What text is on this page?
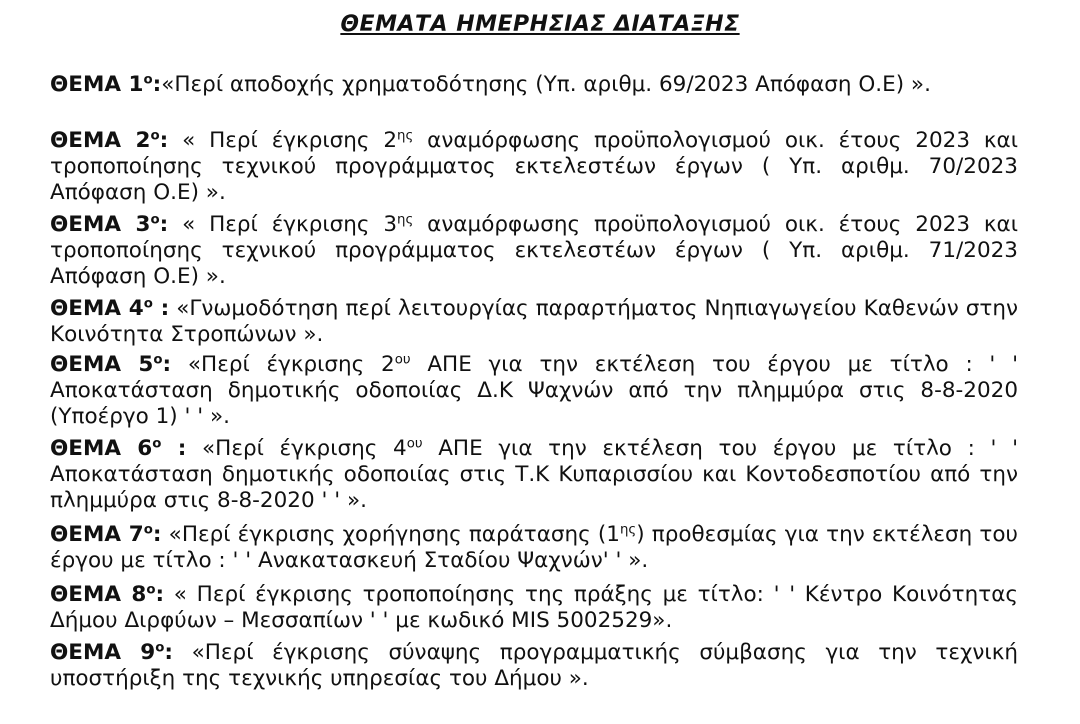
ΘΕΜΑΤΑ ΗΜΕΡΗΣΙΑΣ ΔΙΑΤΑΞΗΣ
ΘΕΜΑ $1^o:«\Pi\varepsilon\rho ί$ αποδοχής χρηματοδότησης (Υπ. αριθμ. 69/2023 Απόφαση Ο.Ε) ».
ΘΕΜΑ $2^o$: « Περί έγκρισης $2^{\eta\varsigma}$ αναμόρφωσης προϋπολογισμού οικ. έτους 2023 και τροποποίησης τεχνικού προγράμματος εκτελεστέων έργων ( Υπ. αριθμ. 70/2023 Απόφαση Ο.Ε) ».
ΘΕΜΑ $3^o$: « Περί έγκρισης $3^{\eta\varsigma}$ αναμόρφωσης προϋπολογισμού οικ. έτους 2023 και τροποποίησης τεχνικού προγράμματος εκτελεστέων έργων ( Υπ. αριθμ. 71/2023 Απόφαση Ο.Ε) ».
ΘΕΜΑ $4^o$ : «Γνωμοδότηση περί λειτουργίας παραρτήματος Νηπιαγωγείου Καθενών στην Κοινότητα Στροπώνων ».
ΘΕΜΑ $5^o$: «Περί έγκρισης $2^{o\upsilon}$ ΑΠΕ για την εκτέλεση του έργου με τίτλο : ' ' Αποκατάσταση δημοτικής οδοποιίας Δ.Κ Ψαχνών από την πλημμύρα στις 8-8-2020 (Υποέργο 1) ' ' ».
ΘΕΜΑ $6^o$ : «Περί έγκρισης $4^{o\upsilon}$ ΑΠΕ για την εκτέλεση του έργου με τίτλο : ' ' Αποκατάσταση δημοτικής οδοποιίας στις Τ.Κ Κυπαρισσίου και Κοντοδεσποτίου από την πλημμύρα στις 8-8-2020 ' ' ».
ΘΕΜΑ $7^o$: «Περί έγκρισης χορήγησης παράτασης $(1^{\eta\varsigma})$ προθεσμίας για την εκτέλεση του έργου με τίτλο : ' ' Ανακατασκευή Σταδίου Ψαχνών' ' ».
ΘΕΜΑ $8^o$: « Περί έγκρισης τροποποίησης της πράξης με τίτλο: ' ' Κέντρο Κοινότητας Δήμου Διρφύων – Μεσσαπίων ' ' με κωδικό MIS 5002529».
ΘΕΜΑ $9^o$: «Περί έγκρισης σύναψης προγραμματικής σύμβασης για την τεχνική υποστήριξη της τεχνικής υπηρεσίας του Δήμου ».
